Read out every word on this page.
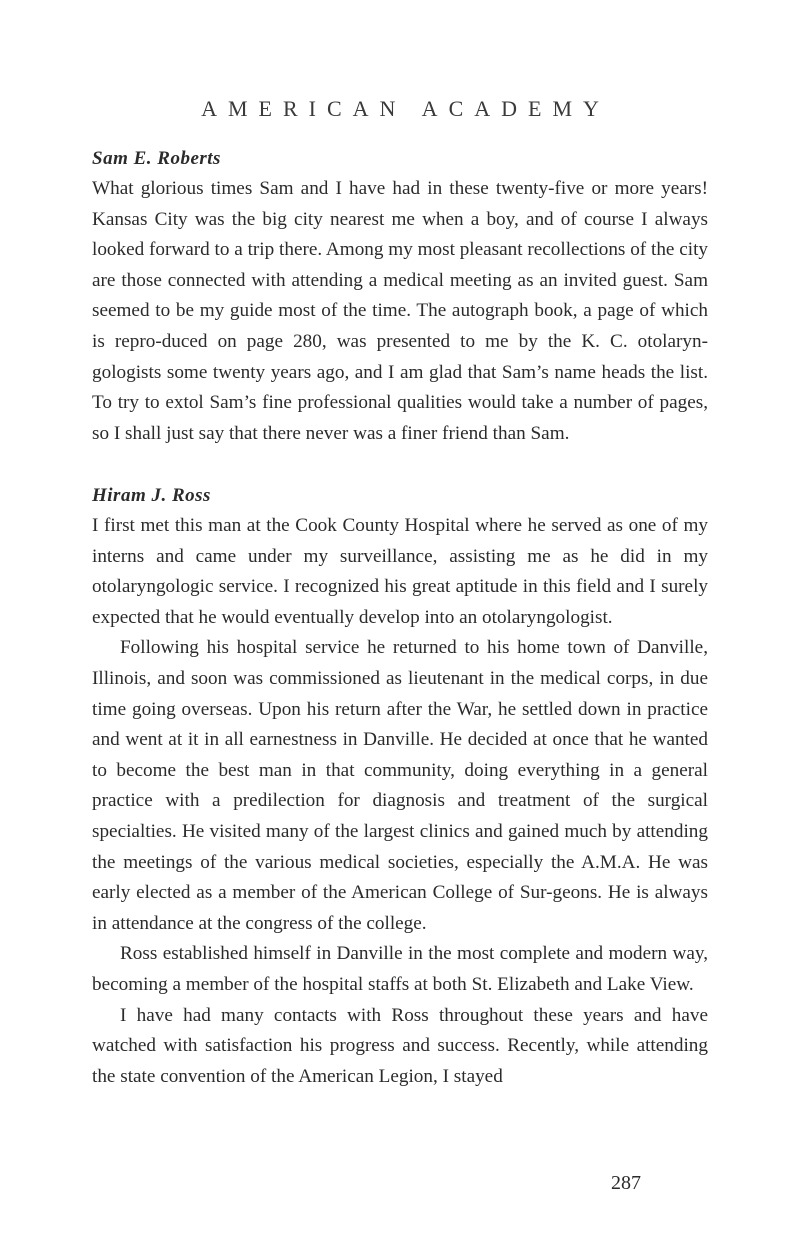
AMERICAN ACADEMY
Sam E. Roberts

What glorious times Sam and I have had in these twenty-five or more years! Kansas City was the big city nearest me when a boy, and of course I always looked forward to a trip there. Among my most pleasant recollections of the city are those connected with attending a medical meeting as an invited guest. Sam seemed to be my guide most of the time. The autograph book, a page of which is repro-duced on page 280, was presented to me by the K. C. otolaryn-gologists some twenty years ago, and I am glad that Sam’s name heads the list. To try to extol Sam’s fine professional qualities would take a number of pages, so I shall just say that there never was a finer friend than Sam.

Hiram J. Ross

I first met this man at the Cook County Hospital where he served as one of my interns and came under my surveillance, assisting me as he did in my otolaryngologic service. I recognized his great aptitude in this field and I surely expected that he would eventually develop into an otolaryngologist.

Following his hospital service he returned to his home town of Danville, Illinois, and soon was commissioned as lieutenant in the medical corps, in due time going overseas. Upon his return after the War, he settled down in practice and went at it in all earnestness in Danville. He decided at once that he wanted to become the best man in that community, doing everything in a general practice with a predilection for diagnosis and treatment of the surgical specialties. He visited many of the largest clinics and gained much by attending the meetings of the various medical societies, especially the A.M.A. He was early elected as a member of the American College of Sur-geons. He is always in attendance at the congress of the college.

Ross established himself in Danville in the most complete and modern way, becoming a member of the hospital staffs at both St. Elizabeth and Lake View.

I have had many contacts with Ross throughout these years and have watched with satisfaction his progress and success. Recently, while attending the state convention of the American Legion, I stayed

287
